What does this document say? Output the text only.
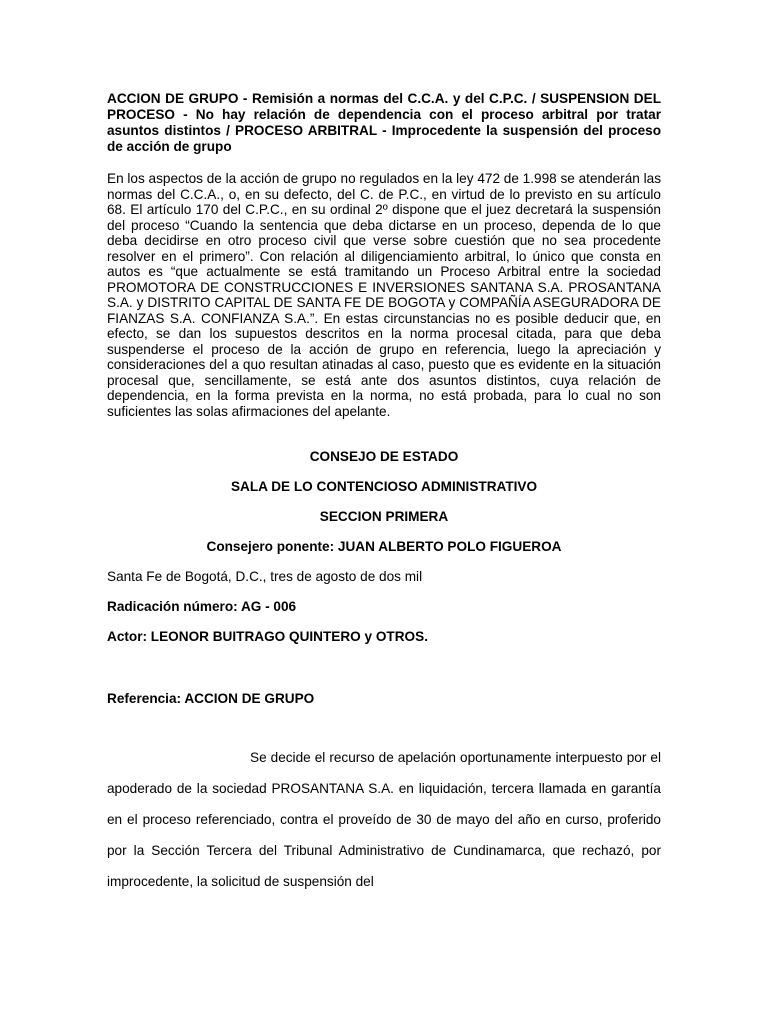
ACCION DE GRUPO - Remisión a normas del C.C.A. y del C.P.C. / SUSPENSION DEL PROCESO - No hay relación de dependencia con el proceso arbitral por tratar asuntos distintos / PROCESO ARBITRAL - Improcedente la suspensión del proceso de acción de grupo

En los aspectos de la acción de grupo no regulados en la ley 472 de 1.998 se atenderán las normas del C.C.A., o, en su defecto, del C. de P.C., en virtud de lo previsto en su artículo 68. El artículo 170 del C.P.C., en su ordinal 2º dispone que el juez decretará la suspensión del proceso “Cuando la sentencia que deba dictarse en un proceso, dependa de lo que deba decidirse en otro proceso civil que verse sobre cuestión que no sea procedente resolver en el primero”. Con relación al diligenciamiento arbitral, lo único que consta en autos es “que actualmente se está tramitando un Proceso Arbitral entre la sociedad PROMOTORA DE CONSTRUCCIONES E INVERSIONES SANTANA S.A. PROSANTANA S.A. y DISTRITO CAPITAL DE SANTA FE DE BOGOTA y COMPAÑÍA ASEGURADORA DE FIANZAS S.A. CONFIANZA S.A.”. En estas circunstancias no es posible deducir que, en efecto, se dan los supuestos descritos en la norma procesal citada, para que deba suspenderse el proceso de la acción de grupo en referencia, luego la apreciación y consideraciones del a quo resultan atinadas al caso, puesto que es evidente en la situación procesal que, sencillamente, se está ante dos asuntos distintos, cuya relación de dependencia, en la forma prevista en la norma, no está probada, para lo cual no son suficientes las solas afirmaciones del apelante.

CONSEJO DE ESTADO

SALA DE LO CONTENCIOSO ADMINISTRATIVO

SECCION PRIMERA

Consejero ponente: JUAN ALBERTO POLO FIGUEROA

Santa Fe de Bogotá, D.C., tres de agosto de dos mil

Radicación número: AG - 006

Actor: LEONOR BUITRAGO QUINTERO y OTROS.

Referencia: ACCION DE GRUPO

Se decide el recurso de apelación oportunamente interpuesto por el apoderado de la sociedad PROSANTANA S.A. en liquidación, tercera llamada en garantía en el proceso referenciado, contra el proveído de 30 de mayo del año en curso, proferido por la Sección Tercera del Tribunal Administrativo de Cundinamarca, que rechazó, por improcedente, la solicitud de suspensión del
